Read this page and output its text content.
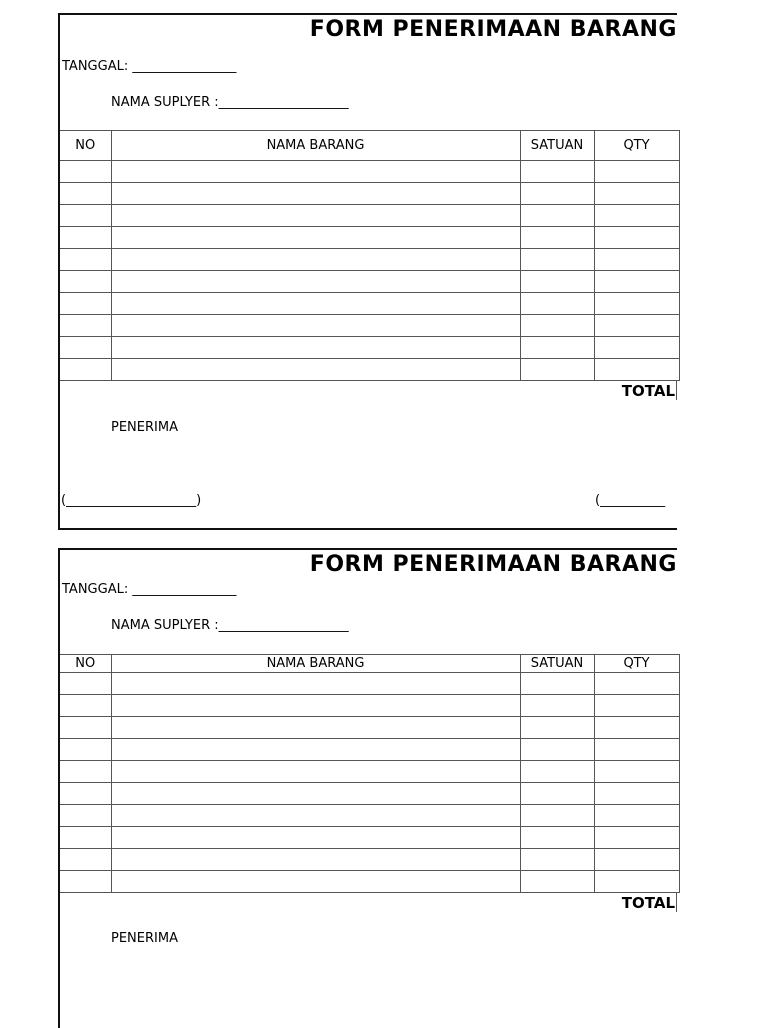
FORM PENERIMAAN BARANG
TANGGAL: ________________
NAMA SUPLYER :____________________
NO	NAMA BARANG	SATUAN	QTY

TOTAL
PENERIMA
(____________________)	(__________
FORM PENERIMAAN BARANG
TANGGAL: ________________
NAMA SUPLYER :____________________
NO	NAMA BARANG	SATUAN	QTY

TOTAL
PENERIMA
